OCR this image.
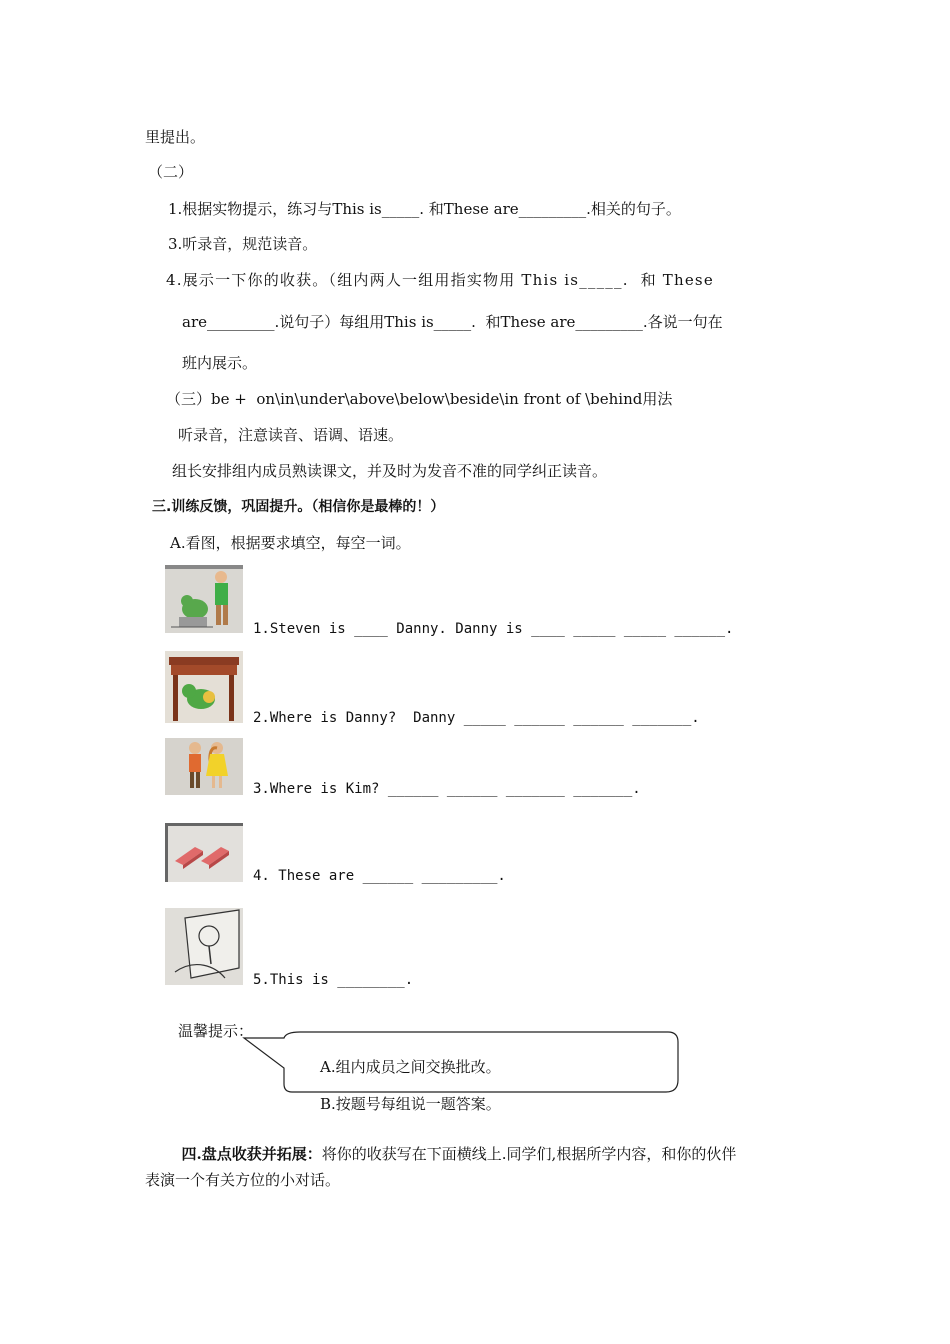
里提出。
（二）
1.根据实物提示，练习与This is_____. 和These are_________.相关的句子。
3.听录音，规范读音。
4.展示一下你的收获。（组内两人一组用指实物用 This is_____.  和 These
are_________.说句子）每组用This is_____.  和These are_________.各说一句在
班内展示。
（三）be +  on\in\under\above\below\beside\in front of \behind用法
听录音，注意读音、语调、语速。
组长安排组内成员熟读课文，并及时为发音不准的同学纠正读音。
三.训练反馈，巩固提升。（相信你是最棒的！）
A.看图，根据要求填空，每空一词。
1.Steven is ____ Danny. Danny is ____ _____ _____ ______.
2.Where is Danny?  Danny _____ ______ ______ _______.
3.Where is Kim? ______ ______ _______ _______.
4. These are ______ _________.
5.This is ________.
温馨提示：
A.组内成员之间交换批改。
B.按题号每组说一题答案。

四.盘点收获并拓展：将你的收获写在下面横线上.同学们,根据所学内容，和你的伙伴

表演一个有关方位的小对话。
